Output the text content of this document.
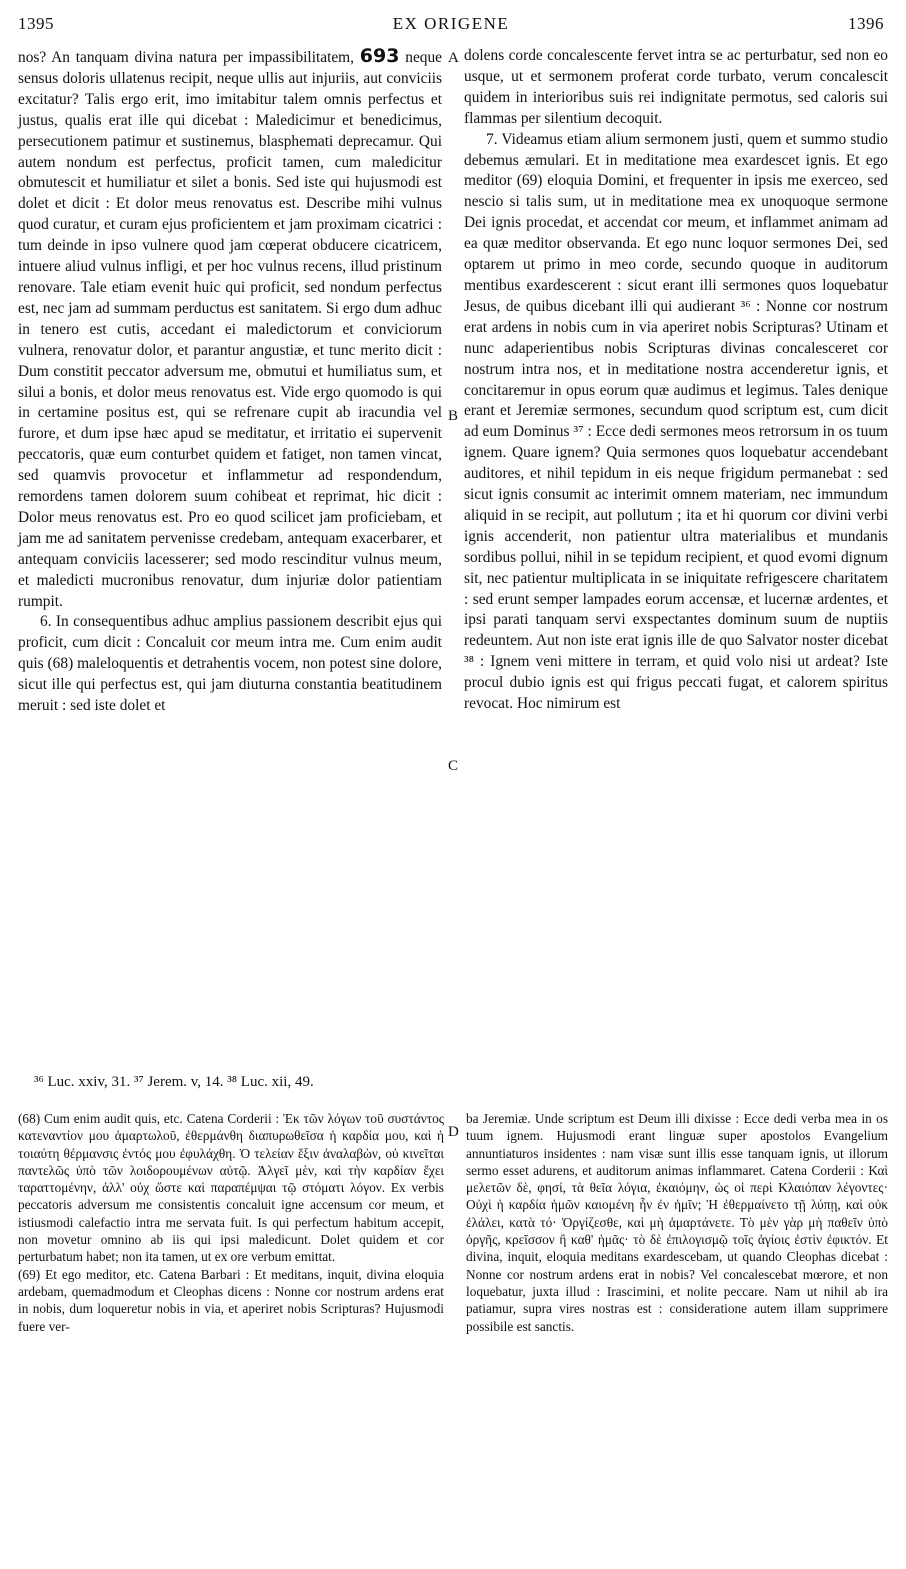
1395	EX ORIGENE	1396

nos? An tanquam divina natura per impassibilitatem, 693 neque sensus doloris ullatenus recipit, neque ullis aut injuriis, aut conviciis excitatur? Talis ergo erit, imo imitabitur talem omnis perfectus et justus, qualis erat ille qui dicebat : Maledicimur et benedicimus, persecutionem patimur et sustinemus, blasphemati deprecamur. Qui autem nondum est perfectus, proficit tamen, cum maledicitur obmutescit et humiliatur et silet a bonis. Sed iste qui hujusmodi est dolet et dicit : Et dolor meus renovatus est. Describe mihi vulnus quod curatur, et curam ejus proficientem et jam proximam cicatrici : tum deinde in ipso vulnere quod jam cœperat obducere cicatricem, intuere aliud vulnus infligi, et per hoc vulnus recens, illud pristinum renovare. Tale etiam evenit huic qui proficit, sed nondum perfectus est, nec jam ad summam perductus est sanitatem. Si ergo dum adhuc in tenero est cutis, accedant ei maledictorum et conviciorum vulnera, renovatur dolor, et parantur angustiæ, et tunc merito dicit : Dum constitit peccator adversum me, obmutui et humiliatus sum, et silui a bonis, et dolor meus renovatus est. Vide ergo quomodo is qui in certamine positus est, qui se refrenare cupit ab iracundia vel furore, et dum ipse hæc apud se meditatur, et irritatio ei supervenit peccatoris, quæ eum conturbet quidem et fatiget, non tamen vincat, sed quamvis provocetur et inflammetur ad respondendum, remordens tamen dolorem suum cohibeat et reprimat, hic dicit : Dolor meus renovatus est. Pro eo quod scilicet jam proficiebam, et jam me ad sanitatem pervenisse credebam, antequam exacerbarer, et antequam conviciis lacesserer; sed modo rescinditur vulnus meum, et maledicti mucronibus renovatur, dum injuriæ dolor patientiam rumpit.

6. In consequentibus adhuc amplius passionem describit ejus qui proficit, cum dicit : Concaluit cor meum intra me. Cum enim audit quis (68) maleloquentis et detrahentis vocem, non potest sine dolore, sicut ille qui perfectus est, qui jam diuturna constantia beatitudinem meruit : sed iste dolet et

dolens corde concalescente fervet intra se ac perturbatur, sed non eo usque, ut et sermonem proferat corde turbato, verum concalescit quidem in interioribus suis rei indignitate permotus, sed caloris sui flammas per silentium decoquit.

7. Videamus etiam alium sermonem justi, quem et summo studio debemus æmulari. Et in meditatione mea exardescet ignis. Et ego meditor (69) eloquia Domini, et frequenter in ipsis me exerceo, sed nescio si talis sum, ut in meditatione mea ex unoquoque sermone Dei ignis procedat, et accendat cor meum, et inflammet animam ad ea quæ meditor observanda. Et ego nunc loquor sermones Dei, sed optarem ut primo in meo corde, secundo quoque in auditorum mentibus exardescerent : sicut erant illi sermones quos loquebatur Jesus, de quibus dicebant illi qui audierant ³⁶ : Nonne cor nostrum erat ardens in nobis cum in via aperiret nobis Scripturas? Utinam et nunc adaperientibus nobis Scripturas divinas concalesceret cor nostrum intra nos, et in meditatione nostra accenderetur ignis, et concitaremur in opus eorum quæ audimus et legimus. Tales denique erant et Jeremiæ sermones, secundum quod scriptum est, cum dicit ad eum Dominus ³⁷ : Ecce dedi sermones meos retrorsum in os tuum ignem. Quare ignem? Quia sermones quos loquebatur accendebant auditores, et nihil tepidum in eis neque frigidum permanebat : sed sicut ignis consumit ac interimit omnem materiam, nec immundum aliquid in se recipit, aut pollutum ; ita et hi quorum cor divini verbi ignis accenderit, non patientur ultra materialibus et mundanis sordibus pollui, nihil in se tepidum recipient, et quod evomi dignum sit, nec patientur multiplicata in se iniquitate refrigescere charitatem : sed erunt semper lampades eorum accensæ, et lucernæ ardentes, et ipsi parati tanquam servi exspectantes dominum suum de nuptiis redeuntem. Aut non iste erat ignis ille de quo Salvator noster dicebat ³⁸ : Ignem veni mittere in terram, et quid volo nisi ut ardeat? Iste procul dubio ignis est qui frigus peccati fugat, et calorem spiritus revocat. Hoc nimirum est

A
B
C
D
³⁶ Luc. xxiv, 31. ³⁷ Jerem. v, 14. ³⁸ Luc. xii, 49.

(68) Cum enim audit quis, etc. Catena Corderii : Ἐκ τῶν λόγων τοῦ συστάντος κατεναντίον μου ἁμαρτωλοῦ, ἐθερμάνθη διαπυρωθεῖσα ἡ καρδία μου, καὶ ἡ τοιαύτη θέρμανσις ἐντός μου ἐφυλάχθη. Ὁ τελείαν ἕξιν ἀναλαβὼν, οὐ κινεῖται παντελῶς ὑπὸ τῶν λοιδορουμένων αὐτῷ. Ἀλγεῖ μὲν, καὶ τὴν καρδίαν ἔχει ταραττομένην, ἀλλ' οὐχ ὥστε καὶ παραπέμψαι τῷ στόματι λόγον. Ex verbis peccatoris adversum me consistentis concaluit igne accensum cor meum, et istiusmodi calefactio intra me servata fuit. Is qui perfectum habitum accepit, non movetur omnino ab iis qui ipsi maledicunt. Dolet quidem et cor perturbatum habet; non ita tamen, ut ex ore verbum emittat.

(69) Et ego meditor, etc. Catena Barbari : Et meditans, inquit, divina eloquia ardebam, quemadmodum et Cleophas dicens : Nonne cor nostrum ardens erat in nobis, dum loqueretur nobis in via, et aperiret nobis Scripturas? Hujusmodi fuere ver-

ba Jeremiæ. Unde scriptum est Deum illi dixisse : Ecce dedi verba mea in os tuum ignem. Hujusmodi erant linguæ super apostolos Evangelium annuntiaturos insidentes : nam visæ sunt illis esse tanquam ignis, ut illorum sermo esset adurens, et auditorum animas inflammaret. Catena Corderii : Καὶ μελετῶν δὲ, φησί, τὰ θεῖα λόγια, ἐκαιόμην, ὡς οἱ περὶ Κλαιόπαν λέγοντες· Οὐχὶ ἡ καρδία ἡμῶν καιομένη ἦν ἐν ἡμῖν; Ἡ ἐθερμαίνετο τῇ λύπῃ, καὶ οὐκ ἐλάλει, κατὰ τό· Ὀργίζεσθε, καὶ μὴ ἁμαρτάνετε. Τὸ μὲν γὰρ μὴ παθεῖν ὑπὸ ὀργῆς, κρεῖσσον ἢ καθ' ἡμᾶς· τὸ δὲ ἐπιλογισμῷ τοῖς ἁγίοις ἐστὶν ἐφικτόν. Et divina, inquit, eloquia meditans exardescebam, ut quando Cleophas dicebat : Nonne cor nostrum ardens erat in nobis? Vel concalescebat mœrore, et non loquebatur, juxta illud : Irascimini, et nolite peccare. Nam ut nihil ab ira patiamur, supra vires nostras est : consideratione autem illam supprimere possibile est sanctis.
